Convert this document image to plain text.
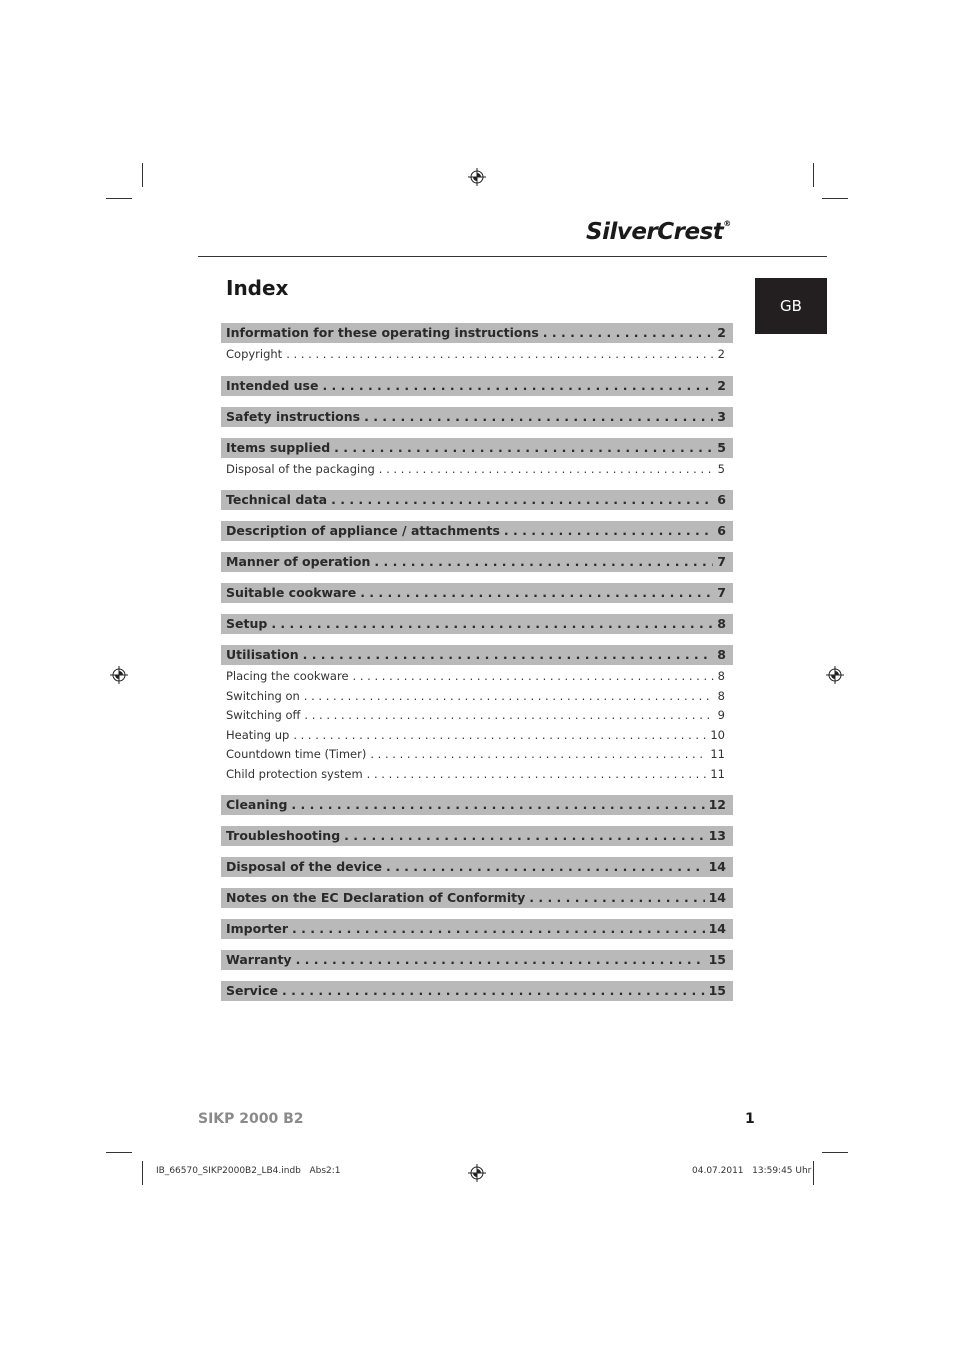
SilverCrest®
GB
Index
Information for these operating instructions . . .	2
Copyright . . .	2
Intended use . . .	2
Safety instructions . . .	3
Items supplied . . .	5
Disposal of the packaging . . .	5
Technical data . . .	6
Description of appliance / attachments . . .	6
Manner of operation . . .	7
Suitable cookware . . .	7
Setup . . .	8
Utilisation . . .	8
Placing the cookware . . .	8
Switching on . . .	8
Switching off . . .	9
Heating up . . .	10
Countdown time (Timer) . . .	11
Child protection system . . .	11
Cleaning . . .	12
Troubleshooting . . .	13
Disposal of the device . . .	14
Notes on the EC Declaration of Conformity . . .	14
Importer . . .	14
Warranty . . .	15
Service . . .	15
SIKP 2000 B2	1
IB_66570_SIKP2000B2_LB4.indb   Abs2:1	04.07.2011   13:59:45 Uhr
